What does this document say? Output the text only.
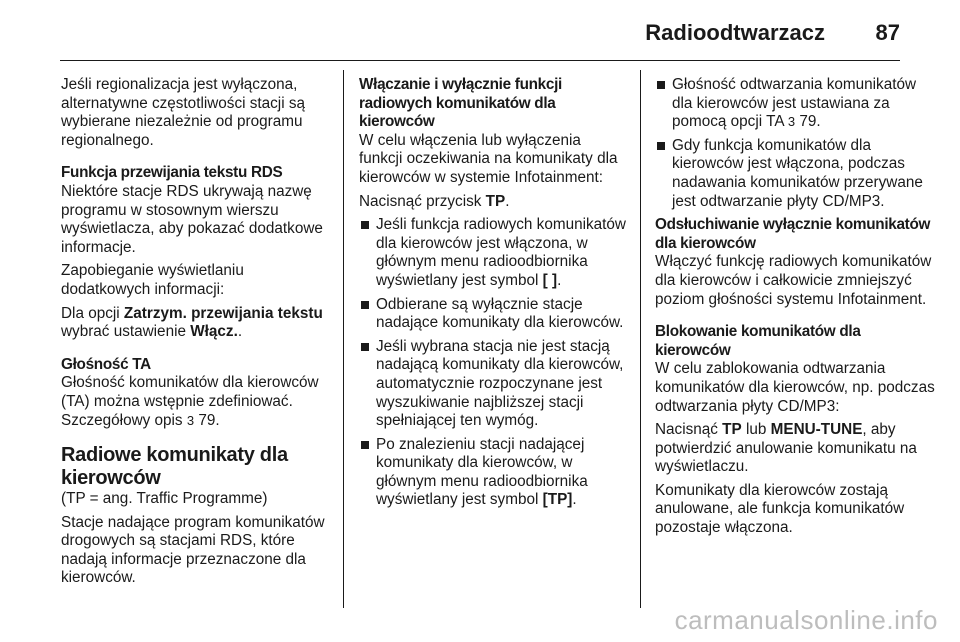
Radioodtwarzacz 87

Jeśli regionalizacja jest wyłączona, alternatywne częstotliwości stacji są wybierane niezależnie od programu regionalnego.

Funkcja przewijania tekstu RDS

Niektóre stacje RDS ukrywają nazwę programu w stosownym wierszu wyświetlacza, aby pokazać dodatkowe informacje.

Zapobieganie wyświetlaniu dodatkowych informacji:

Dla opcji Zatrzym. przewijania tekstu wybrać ustawienie Włącz..

Głośność TA

Głośność komunikatów dla kierowców (TA) można wstępnie zdefiniować. Szczegółowy opis 3 79.

Radiowe komunikaty dla kierowców

(TP = ang. Traffic Programme)

Stacje nadające program komunikatów drogowych są stacjami RDS, które nadają informacje przeznaczone dla kierowców.

Włączanie i wyłącznie funkcji radiowych komunikatów dla kierowców

W celu włączenia lub wyłączenia funkcji oczekiwania na komunikaty dla kierowców w systemie Infotainment:

Nacisnąć przycisk TP.

Jeśli funkcja radiowych komunikatów dla kierowców jest włączona, w głównym menu radioodbiornika wyświetlany jest symbol [ ].
Odbierane są wyłącznie stacje nadające komunikaty dla kierowców.
Jeśli wybrana stacja nie jest stacją nadającą komunikaty dla kierowców, automatycznie rozpoczynane jest wyszukiwanie najbliższej stacji spełniającej ten wymóg.
Po znalezieniu stacji nadającej komunikaty dla kierowców, w głównym menu radioodbiornika wyświetlany jest symbol [TP].
Głośność odtwarzania komunikatów dla kierowców jest ustawiana za pomocą opcji TA 3 79.
Gdy funkcja komunikatów dla kierowców jest włączona, podczas nadawania komunikatów przerywane jest odtwarzanie płyty CD/MP3.

Odsłuchiwanie wyłącznie komunikatów dla kierowców

Włączyć funkcję radiowych komunikatów dla kierowców i całkowicie zmniejszyć poziom głośności systemu Infotainment.

Blokowanie komunikatów dla kierowców

W celu zablokowania odtwarzania komunikatów dla kierowców, np. podczas odtwarzania płyty CD/MP3:

Nacisnąć TP lub MENU-TUNE, aby potwierdzić anulowanie komunikatu na wyświetlaczu.

Komunikaty dla kierowców zostają anulowane, ale funkcja komunikatów pozostaje włączona.

carmanualsonline.info
